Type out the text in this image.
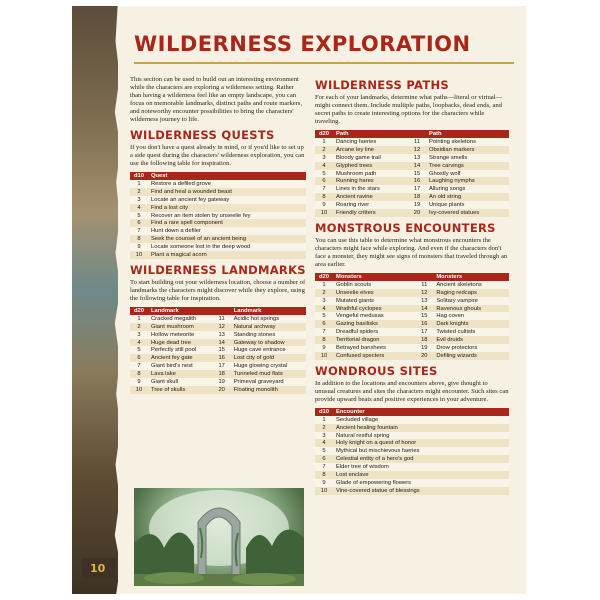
WILDERNESS EXPLORATION

This section can be used to build out an interesting environment while the characters are exploring a wilderness setting. Rather than having a wilderness feel like an empty landscape, you can focus on memorable landmarks, distinct paths and route markers, and noteworthy encounter possibilities to bring the characters' wilderness journey to life.

WILDERNESS QUESTS

If you don't have a quest already in mind, or if you'd like to set up a side quest during the characters' wilderness exploration, you can use the following table for inspiration.

d10	Quest
1	Restore a defiled grove
2	Find and heal a wounded beast
3	Locate an ancient fey gateway
4	Find a lost city
5	Recover an item stolen by unseelie fey
6	Find a rare spell component
7	Hunt down a defiler
8	Seek the counsel of an ancient being
9	Locate someone lost in the deep wood
10	Plant a magical acorn
WILDERNESS LANDMARKS

To start building out your wilderness location, choose a number of landmarks the characters might discover while they explore, using the following table for inspiration.

d20	Landmark		Landmark
1	Cracked megalith	11	Acidic hot springs
2	Giant mushroom	12	Natural archway
3	Hollow meteorite	13	Standing stones
4	Huge dead tree	14	Gateway to shadow
5	Perfectly still pool	15	Huge cave entrance
6	Ancient fey gate	16	Lost city of gold
7	Giant bird's nest	17	Huge glowing crystal
8	Lava lake	18	Tunneled mud flats
9	Giant skull	19	Primeval graveyard
10	Tree of skulls	20	Floating monolith
WILDERNESS PATHS

For each of your landmarks, determine what paths—literal or virtual—might connect them. Include multiple paths, loopbacks, dead ends, and secret paths to create interesting options for the characters while traveling.

d20	Path		Path
1	Dancing faeries	11	Pointing skeletons
2	Arcane ley line	12	Obsidian markers
3	Bloody game trail	13	Strange smells
4	Glyphed trees	14	Tree carvings
5	Mushroom path	15	Ghostly wolf
6	Running hares	16	Laughing nymphs
7	Lines in the stars	17	Alluring songs
8	Ancient ravine	18	An old string
9	Roaring river	19	Unique plants
10	Friendly critters	20	Ivy-covered statues
MONSTROUS ENCOUNTERS

You can use this table to determine what monstrous encounters the characters might face while exploring. And even if the characters don't face a monster, they might see signs of monsters that traveled through an area earlier.

d20	Monsters		Monsters
1	Goblin scouts	11	Ancient skeletons
2	Unseelie elves	12	Raging redcaps
3	Mutated giants	13	Solitary vampire
4	Wrathful cyclopes	14	Ravenous ghouls
5	Vengeful medusas	15	Hag coven
6	Gazing basilisks	16	Dark knights
7	Dreadful spiders	17	Twisted cultists
8	Territorial dragon	18	Evil druids
9	Betrayed banshees	19	Drow protectors
10	Confused specters	20	Defiling wizards
WONDROUS SITES

In addition to the locations and encounters above, give thought to unusual creatures and sites the characters might encounter. Such sites can provide upward beats and positive experiences in your adventure.

d10	Encounter
1	Secluded village
2	Ancient healing fountain
3	Natural restful spring
4	Holy knight on a quest of honor
5	Mythical but mischievous faeries
6	Celestial entity of a hero's god
7	Elder tree of wisdom
8	Lost enclave
9	Glade of empowering flowers
10	Vine-covered statue of blessings
10
